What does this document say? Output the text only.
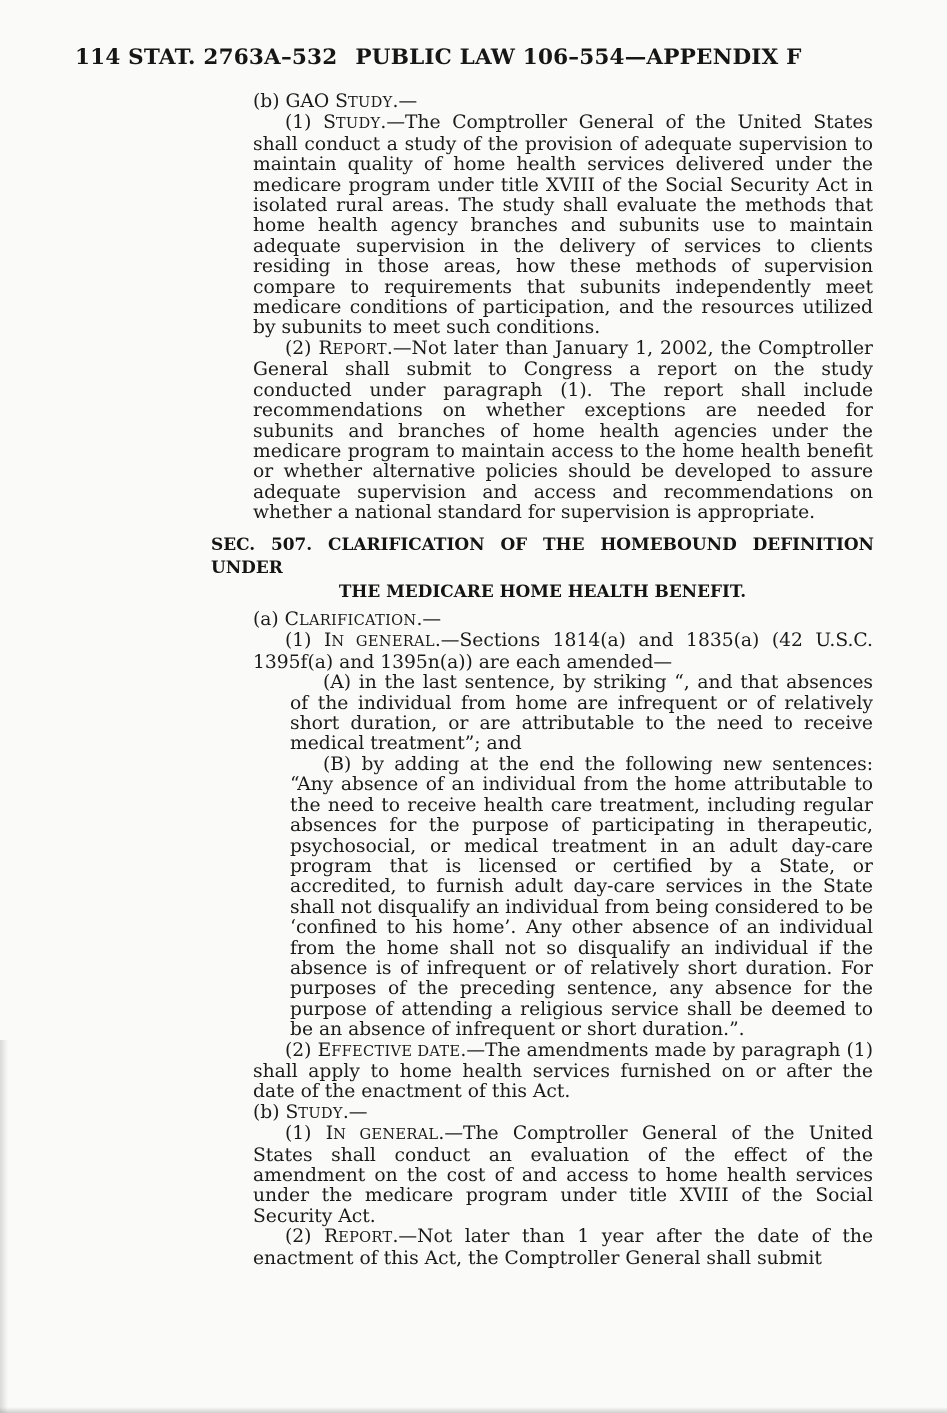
114 STAT. 2763A–532 PUBLIC LAW 106–554—APPENDIX F

(b) GAO STUDY.—

(1) STUDY.—The Comptroller General of the United States shall conduct a study of the provision of adequate supervision to maintain quality of home health services delivered under the medicare program under title XVIII of the Social Security Act in isolated rural areas. The study shall evaluate the methods that home health agency branches and subunits use to maintain adequate supervision in the delivery of services to clients residing in those areas, how these methods of supervision compare to requirements that subunits independently meet medicare conditions of participation, and the resources utilized by subunits to meet such conditions.

(2) REPORT.—Not later than January 1, 2002, the Comptroller General shall submit to Congress a report on the study conducted under paragraph (1). The report shall include recommendations on whether exceptions are needed for subunits and branches of home health agencies under the medicare program to maintain access to the home health benefit or whether alternative policies should be developed to assure adequate supervision and access and recommendations on whether a national standard for supervision is appropriate.

SEC. 507. CLARIFICATION OF THE HOMEBOUND DEFINITION UNDER
THE MEDICARE HOME HEALTH BENEFIT.

(a) CLARIFICATION.—

(1) IN GENERAL.—Sections 1814(a) and 1835(a) (42 U.S.C. 1395f(a) and 1395n(a)) are each amended—

(A) in the last sentence, by striking “, and that absences of the individual from home are infrequent or of relatively short duration, or are attributable to the need to receive medical treatment”; and

(B) by adding at the end the following new sentences: “Any absence of an individual from the home attributable to the need to receive health care treatment, including regular absences for the purpose of participating in therapeutic, psychosocial, or medical treatment in an adult day-care program that is licensed or certified by a State, or accredited, to furnish adult day-care services in the State shall not disqualify an individual from being considered to be ‘confined to his home’. Any other absence of an individual from the home shall not so disqualify an individual if the absence is of infrequent or of relatively short duration. For purposes of the preceding sentence, any absence for the purpose of attending a religious service shall be deemed to be an absence of infrequent or short duration.”.

(2) EFFECTIVE DATE.—The amendments made by paragraph (1) shall apply to home health services furnished on or after the date of the enactment of this Act.

(b) STUDY.—

(1) IN GENERAL.—The Comptroller General of the United States shall conduct an evaluation of the effect of the amendment on the cost of and access to home health services under the medicare program under title XVIII of the Social Security Act.

(2) REPORT.—Not later than 1 year after the date of the enactment of this Act, the Comptroller General shall submit
